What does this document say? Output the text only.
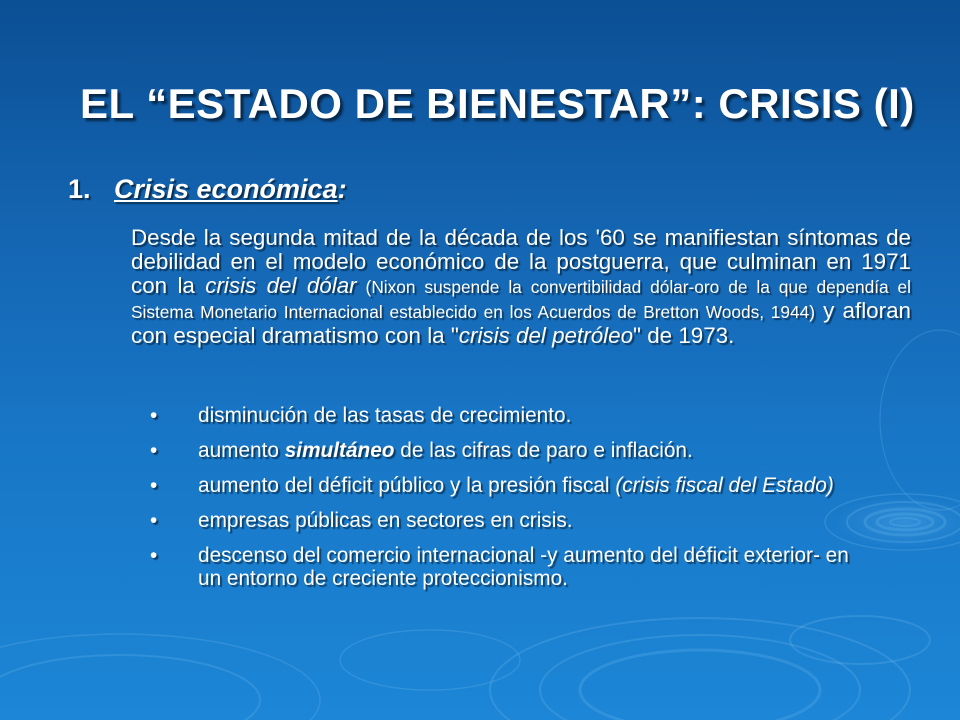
EL “ESTADO DE BIENESTAR”: CRISIS (I)
1. Crisis económica:

Desde la segunda mitad de la década de los '60 se manifiestan síntomas de debilidad en el modelo económico de la postguerra, que culminan en 1971 con la crisis del dólar (Nixon suspende la convertibilidad dólar-oro de la que dependía el Sistema Monetario Internacional establecido en los Acuerdos de Bretton Woods, 1944) y afloran con especial dramatismo con la "crisis del petróleo" de 1973.

• disminución de las tasas de crecimiento.
• aumento simultáneo de las cifras de paro e inflación.
• aumento del déficit público y la presión fiscal (crisis fiscal del Estado)
• empresas públicas en sectores en crisis.
• descenso del comercio internacional -y aumento del déficit exterior- en un entorno de creciente proteccionismo.
